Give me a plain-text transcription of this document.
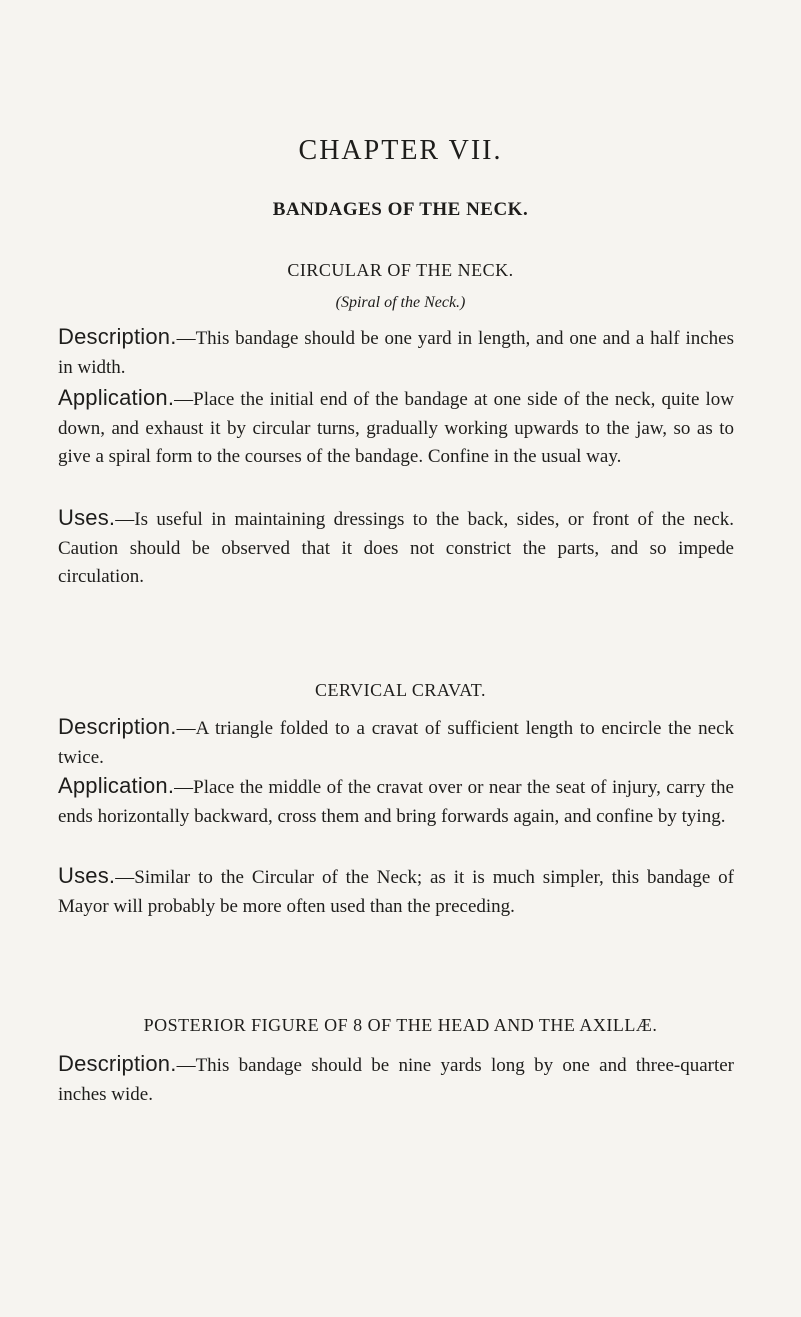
CHAPTER VII.
BANDAGES OF THE NECK.
CIRCULAR OF THE NECK.

(Spiral of the Neck.)

Description.—This bandage should be one yard in length, and one and a half inches in width.

Application.—Place the initial end of the bandage at one side of the neck, quite low down, and exhaust it by circular turns, gradually working upwards to the jaw, so as to give a spiral form to the courses of the bandage. Confine in the usual way.

Uses.—Is useful in maintaining dressings to the back, sides, or front of the neck. Caution should be observed that it does not constrict the parts, and so impede circulation.

CERVICAL CRAVAT.

Description.—A triangle folded to a cravat of sufficient length to encircle the neck twice.

Application.—Place the middle of the cravat over or near the seat of injury, carry the ends horizontally backward, cross them and bring forwards again, and confine by tying.

Uses.—Similar to the Circular of the Neck; as it is much simpler, this bandage of Mayor will probably be more often used than the preceding.

POSTERIOR FIGURE OF 8 OF THE HEAD AND THE AXILLÆ.

Description.—This bandage should be nine yards long by one and three-quarter inches wide.
